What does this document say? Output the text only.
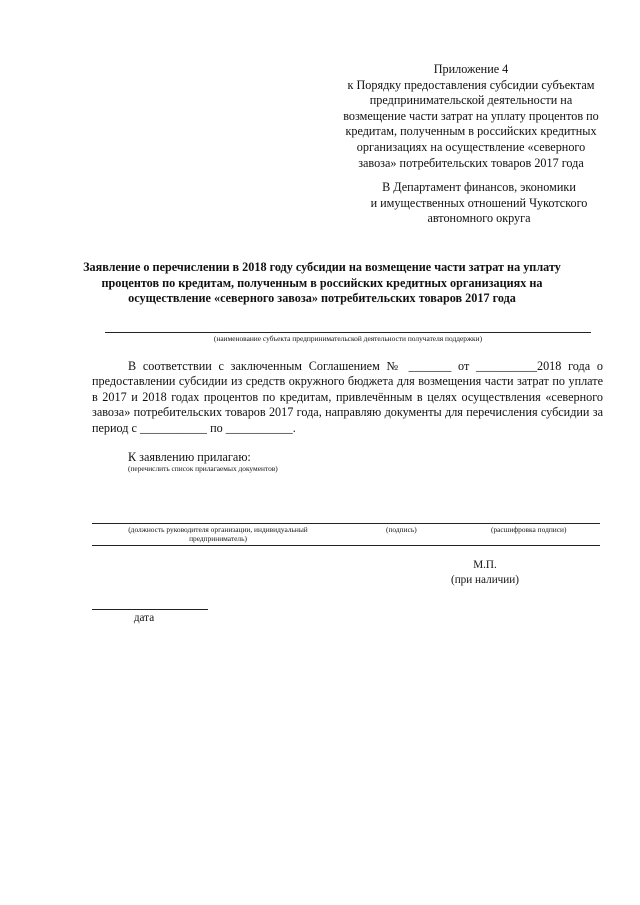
Приложение 4
к Порядку предоставления субсидии субъектам
предпринимательской деятельности на
возмещение части затрат на уплату процентов по
кредитам, полученным в российских кредитных
организациях на осуществление «северного
завоза» потребительских товаров 2017 года
В Департамент финансов, экономики
и имущественных отношений Чукотского
автономного округа
Заявление о перечислении в 2018 году субсидии на возмещение части затрат на уплату
процентов по кредитам, полученным в российских кредитных организациях на
осуществление «северного завоза» потребительских товаров 2017 года
(наименование субъекта предпринимательской деятельности получателя поддержки)

В соответствии с заключенным Соглашением № _______ от __________2018 года о предоставлении субсидии из средств окружного бюджета для возмещения части затрат по уплате в 2017 и 2018 годах процентов по кредитам, привлечённым в целях осуществления «северного завоза» потребительских товаров 2017 года, направляю документы для перечисления субсидии за период с ___________ по ___________.

К заявлению прилагаю:
(перечислить список прилагаемых документов)
(должность руководителя организации, индивидуальный
предприниматель)
(подпись)	(расшифровка подписи)
М.П.
(при наличии)
дата
